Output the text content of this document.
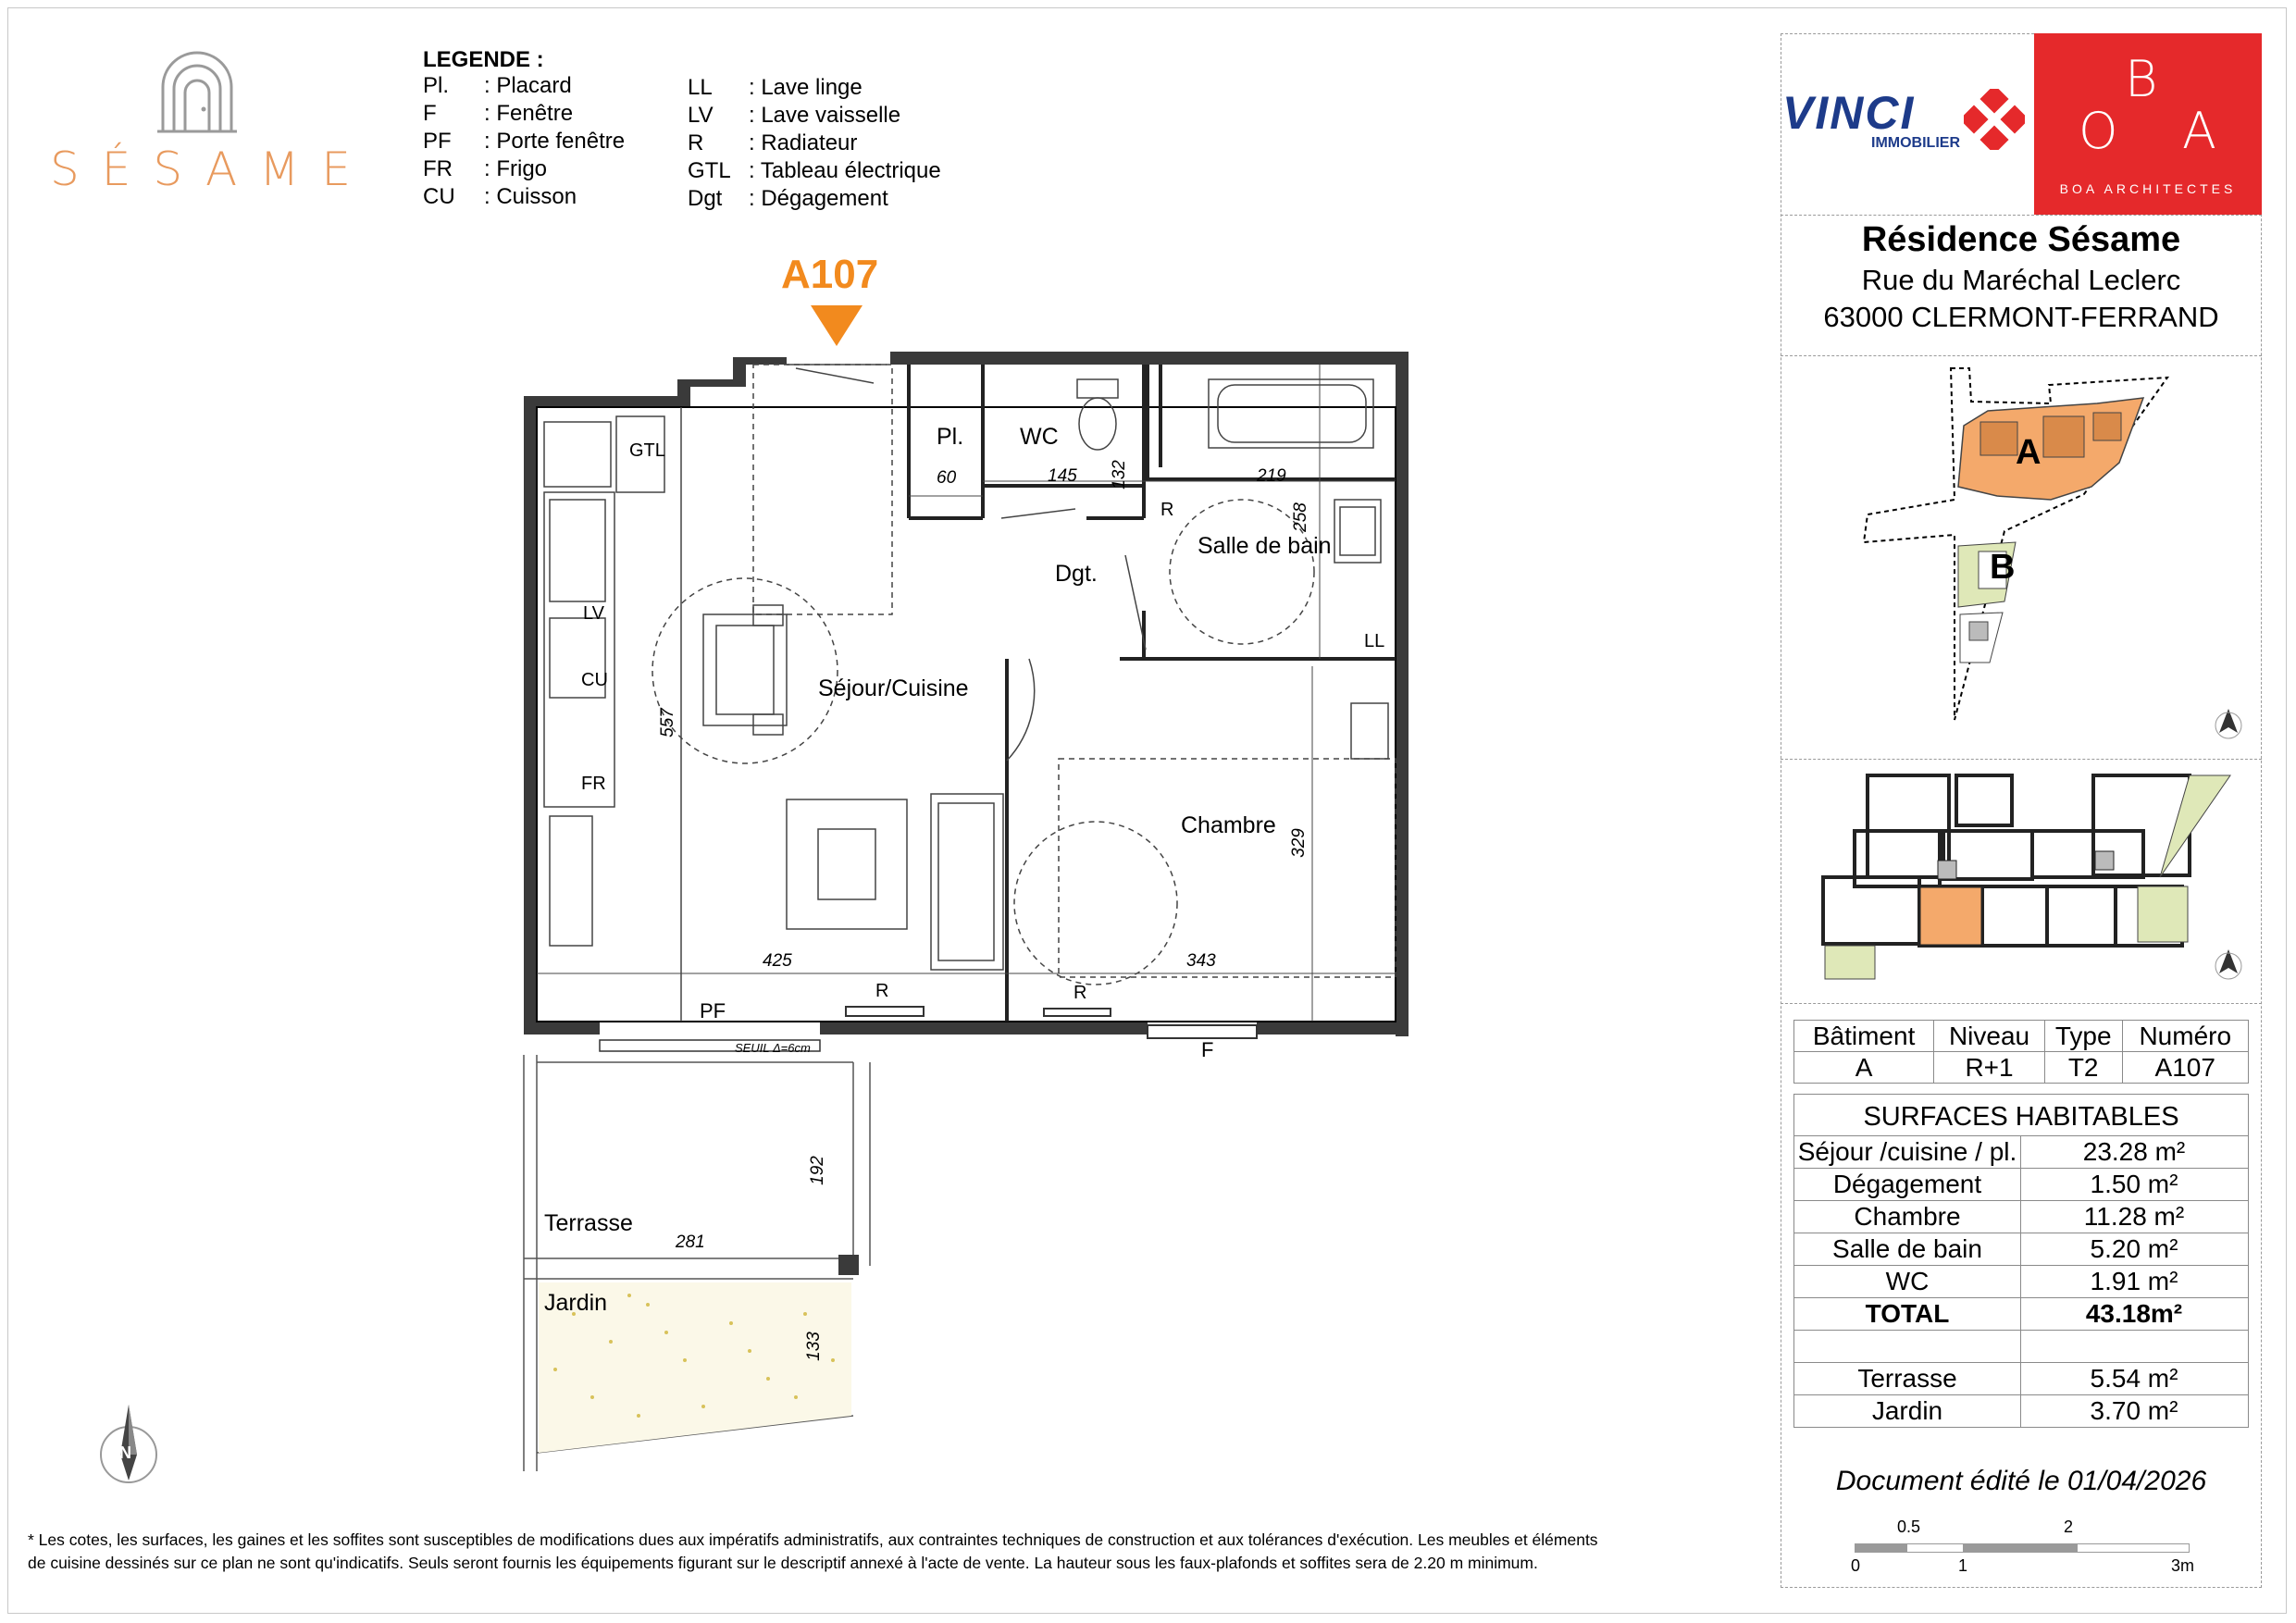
SÉSAME
LEGENDE :
Pl.	: Placard
F	: Fenêtre
PF	: Porte fenêtre
FR	: Frigo
CU	: Cuisson
LL	: Lave linge
LV	: Lave vaisselle
R	: Radiateur
GTL : Tableau électrique
Dgt	: Dégagement
A107
Pl. WC
Salle de bain
Dgt.
Séjour/Cuisine
Chambre
Terrasse
Jardin
GTL
LV
CU
FR
LL
R
R	R
PF
F
SEUIL Δ=6cm
60	145 132	219
258
557
329
425	343
192
281
133
N
VINCI
IMMOBILIER
B
O A
BOA ARCHITECTES
Résidence Sésame
Rue du Maréchal Leclerc
63000 CLERMONT-FERRAND
A
B
Bâtiment	Niveau	Type	Numéro
A	R+1	T2	A107
SURFACES HABITABLES
Séjour /cuisine / pl.	23.28 m²
Dégagement	1.50 m²
Chambre	11.28 m²
Salle de bain	5.20 m²
WC	1.91 m²
TOTAL	43.18m²
Terrasse	5.54 m²
Jardin	3.70 m²
Document édité le 01/04/2026
0.5	2
0	1	3m
* Les cotes, les surfaces, les gaines et les soffites sont susceptibles de modifications dues aux impératifs administratifs, aux contraintes techniques de construction et aux tolérances d'exécution. Les meubles et éléments
de cuisine dessinés sur ce plan ne sont qu'indicatifs. Seuls seront fournis les équipements figurant sur le descriptif annexé à l'acte de vente. La hauteur sous les faux-plafonds et soffites sera de 2.20 m minimum.
